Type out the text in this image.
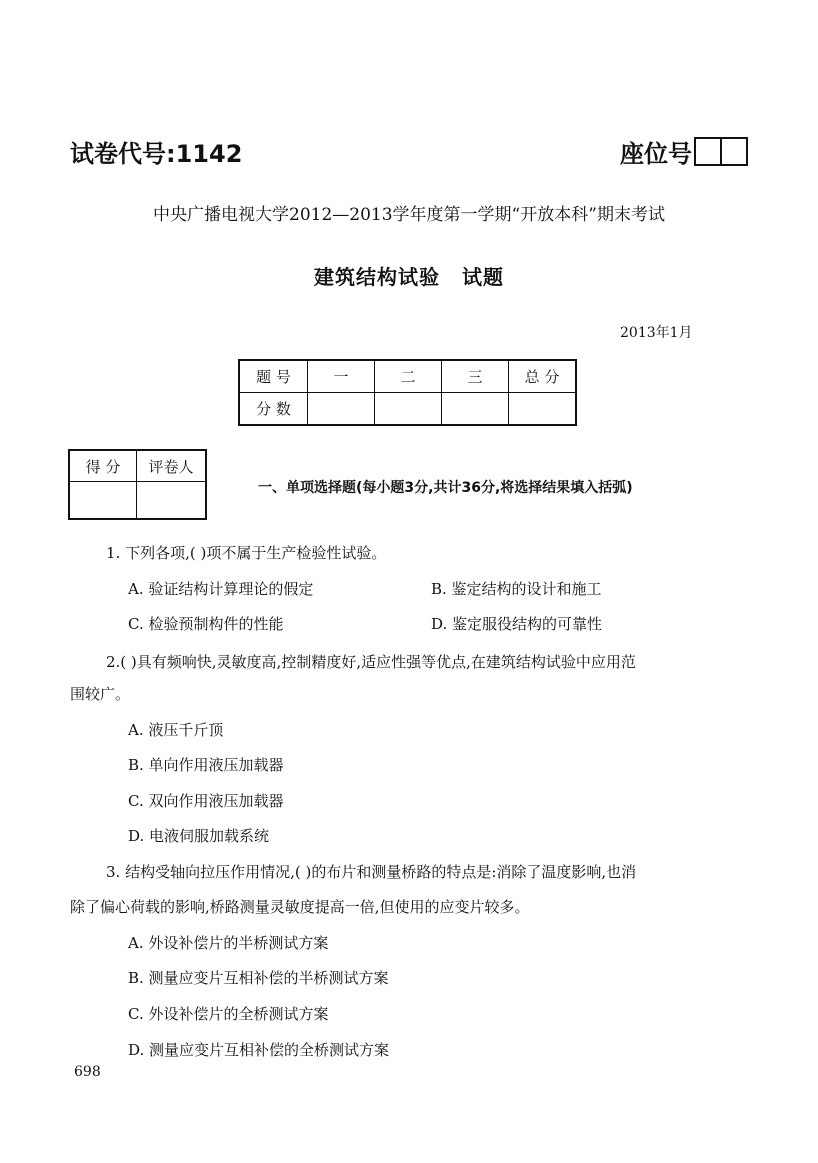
试卷代号:1142	座位号
中央广播电视大学2012—2013学年度第一学期“开放本科”期末考试
建筑结构试验 试题
2013年1月
题 号	一	二	三	总 分
分 数				
得 分	评卷人

一、单项选择题(每小题3分,共计36分,将选择结果填入括弧)
1. 下列各项,( )项不属于生产检验性试验。
A. 验证结构计算理论的假定	B. 鉴定结构的设计和施工
C. 检验预制构件的性能	D. 鉴定服役结构的可靠性
2.( )具有频响快,灵敏度高,控制精度好,适应性强等优点,在建筑结构试验中应用范
围较广。
A. 液压千斤顶
B. 单向作用液压加载器
C. 双向作用液压加载器
D. 电液伺服加载系统
3. 结构受轴向拉压作用情况,( )的布片和测量桥路的特点是:消除了温度影响,也消
除了偏心荷载的影响,桥路测量灵敏度提高一倍,但使用的应变片较多。
A. 外设补偿片的半桥测试方案
B. 测量应变片互相补偿的半桥测试方案
C. 外设补偿片的全桥测试方案
D. 测量应变片互相补偿的全桥测试方案
698
